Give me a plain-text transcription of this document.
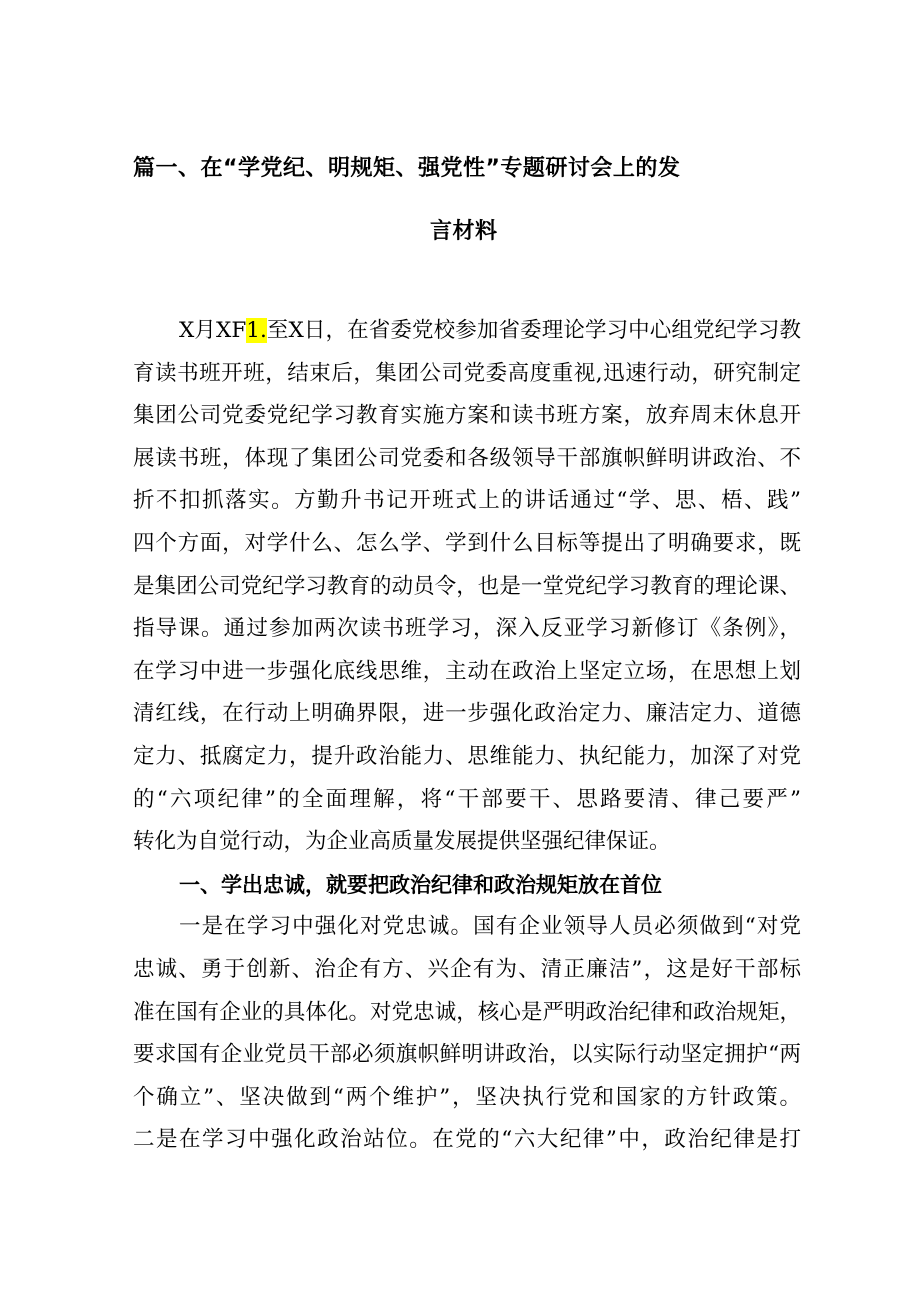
篇一、在“学党纪、明规矩、强党性”专题研讨会上的发
言材料
X月XF1.至X日，在省委党校参加省委理论学习中心组党纪学习教
育读书班开班，结束后，集团公司党委高度重视,迅速行动，研究制定
集团公司党委党纪学习教育实施方案和读书班方案，放弃周末休息开
展读书班，体现了集团公司党委和各级领导干部旗帜鲜明讲政治、不
折不扣抓落实。方勤升书记开班式上的讲话通过“学、思、梧、践”
四个方面，对学什么、怎么学、学到什么目标等提出了明确要求，既
是集团公司党纪学习教育的动员令，也是一堂党纪学习教育的理论课、
指导课。通过参加两次读书班学习，深入反亚学习新修订《条例》，
在学习中进一步强化底线思维，主动在政治上坚定立场，在思想上划
清红线，在行动上明确界限，进一步强化政治定力、廉洁定力、道德
定力、抵腐定力，提升政治能力、思维能力、执纪能力，加深了对党
的“六项纪律”的全面理解，将“干部要干、思路要清、律己要严”
转化为自觉行动，为企业高质量发展提供坚强纪律保证。
一、学出忠诚，就要把政治纪律和政治规矩放在首位
一是在学习中强化对党忠诚。国有企业领导人员必须做到“对党
忠诚、勇于创新、治企有方、兴企有为、清正廉洁”，这是好干部标
准在国有企业的具体化。对党忠诚，核心是严明政治纪律和政治规矩，
要求国有企业党员干部必须旗帜鲜明讲政治，以实际行动坚定拥护“两
个确立”、坚决做到“两个维护”，坚决执行党和国家的方针政策。
二是在学习中强化政治站位。在党的“六大纪律”中，政治纪律是打
